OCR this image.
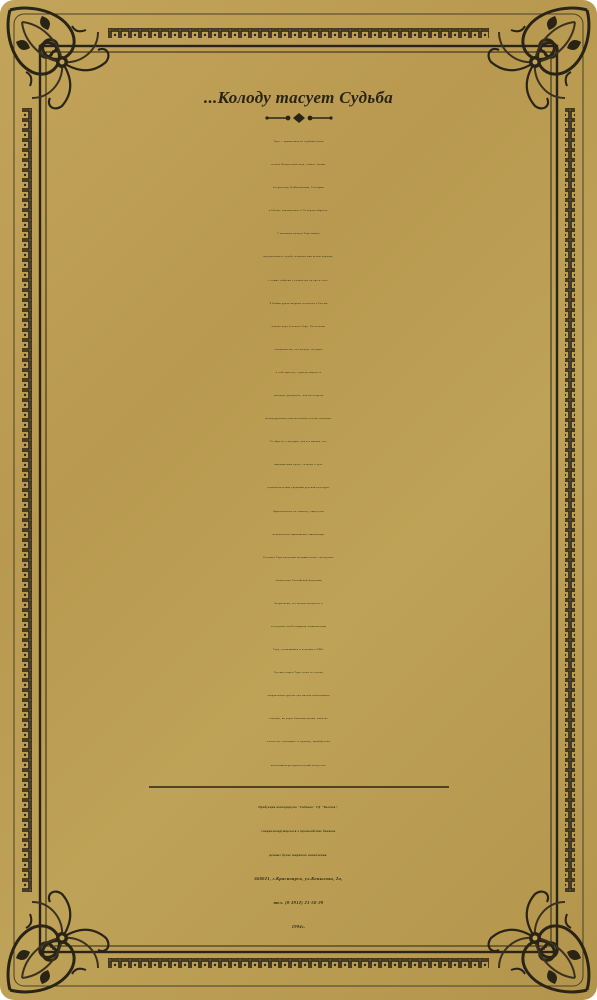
...Колоду тасует Судьба

Таро — пришедшая из глубины веков
основа Магических наук, тайное Знание
Астрологии, Каббалистики, Теософии
и Магии, воплощенное в 78 картах-образах.
С помощью колоды Таро можно
предсказывать судьбу человека или целых народов,
а также события с точностью до дня и часа.
В Ваших руках впервые изданная в России
колода карт Русского Таро. По отзывам
специалистов, эта колода, несущая
в себе красоту, строгую мораль и
высокую духовность, как бы озарена
целомудренным очистительным светом надежды.
Ее образы, в которых, как и в иконах, нет
живописания греха, созданы в духе
гуманистических традиций русской культуры.
Оригинальные по замыслу, виртуозно
исполненные живописные миниатюры
Русского Таро получили положительное экспертное
заключение Российской Академии
Астрологии, эта колода включена в
четвертый том Всемирной энциклопедии
Таро, готовящийся к изданию в США.
Русские карты Таро стали не только
сокровенным другом для многих поклонников
гадания, их дарят близким людям, вывозят
в качестве сувениров за границу, приобретают
коллекционеры произведений искусства.
Продукция консорциума "Сибзнак" ТД "Восток",
специализирующегося в производстве бланков
ценных бумаг широкого назначения.
660021, г.Красноярск, ул.Копылова, 2а,
тел. (8-3912) 21-50-29
1994г.
